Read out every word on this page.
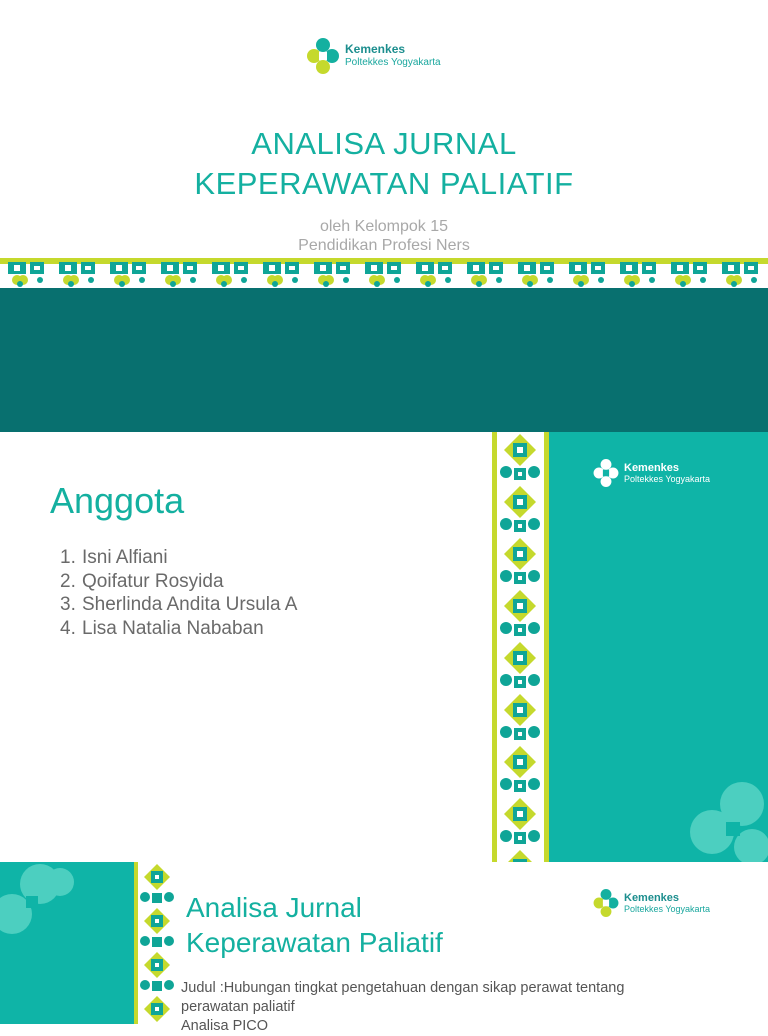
Kemenkes
Poltekkes Yogyakarta
ANALISA JURNAL
KEPERAWATAN PALIATIF
oleh Kelompok 15
Pendidikan Profesi Ners
Anggota
1. Isni Alfiani
2. Qoifatur Rosyida
3. Sherlinda Andita Ursula A
4. Lisa Natalia Nababan
Kemenkes
Poltekkes Yogyakarta
Analisa Jurnal
Keperawatan Paliatif
Kemenkes
Poltekkes Yogyakarta
Judul :Hubungan tingkat pengetahuan dengan sikap perawat tentang
perawatan paliatif
Analisa PICO
